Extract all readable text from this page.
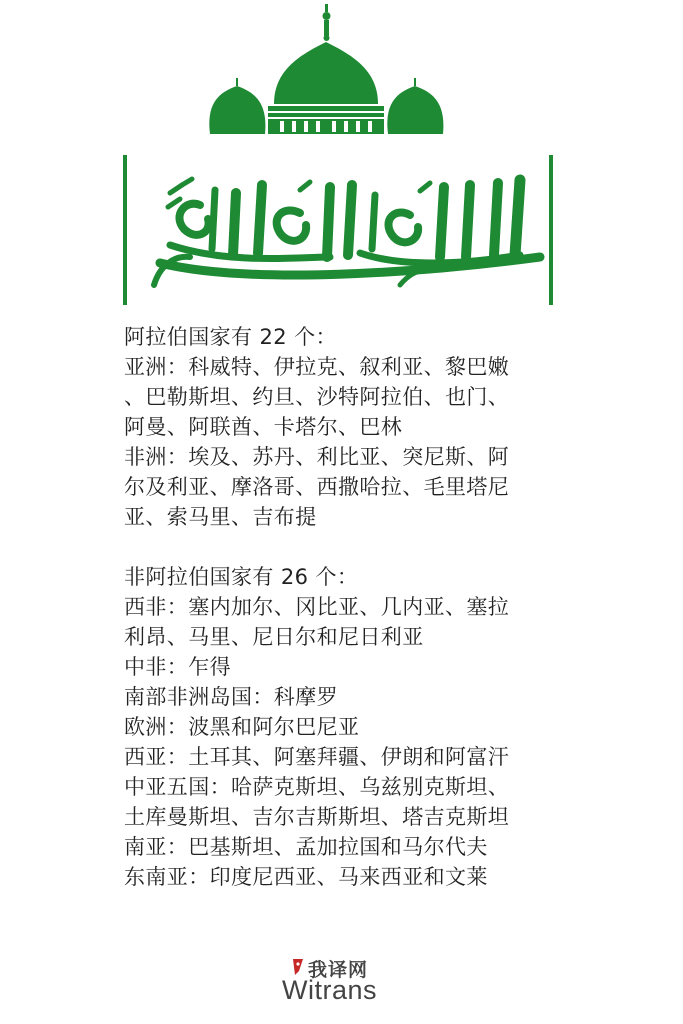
阿拉伯国家有 22 个：
亚洲：科威特、伊拉克、叙利亚、黎巴嫩
、巴勒斯坦、约旦、沙特阿拉伯、也门、
阿曼、阿联酋、卡塔尔、巴林
非洲：埃及、苏丹、利比亚、突尼斯、阿
尔及利亚、摩洛哥、西撒哈拉、毛里塔尼
亚、索马里、吉布提
非阿拉伯国家有 26 个：
西非：塞内加尔、冈比亚、几内亚、塞拉
利昂、马里、尼日尔和尼日利亚
中非：乍得
南部非洲岛国：科摩罗
欧洲：波黑和阿尔巴尼亚
西亚：土耳其、阿塞拜疆、伊朗和阿富汗
中亚五国：哈萨克斯坦、乌兹别克斯坦、
土库曼斯坦、吉尔吉斯斯坦、塔吉克斯坦
南亚：巴基斯坦、孟加拉国和马尔代夫
东南亚：印度尼西亚、马来西亚和文莱
我译网
Witrans
